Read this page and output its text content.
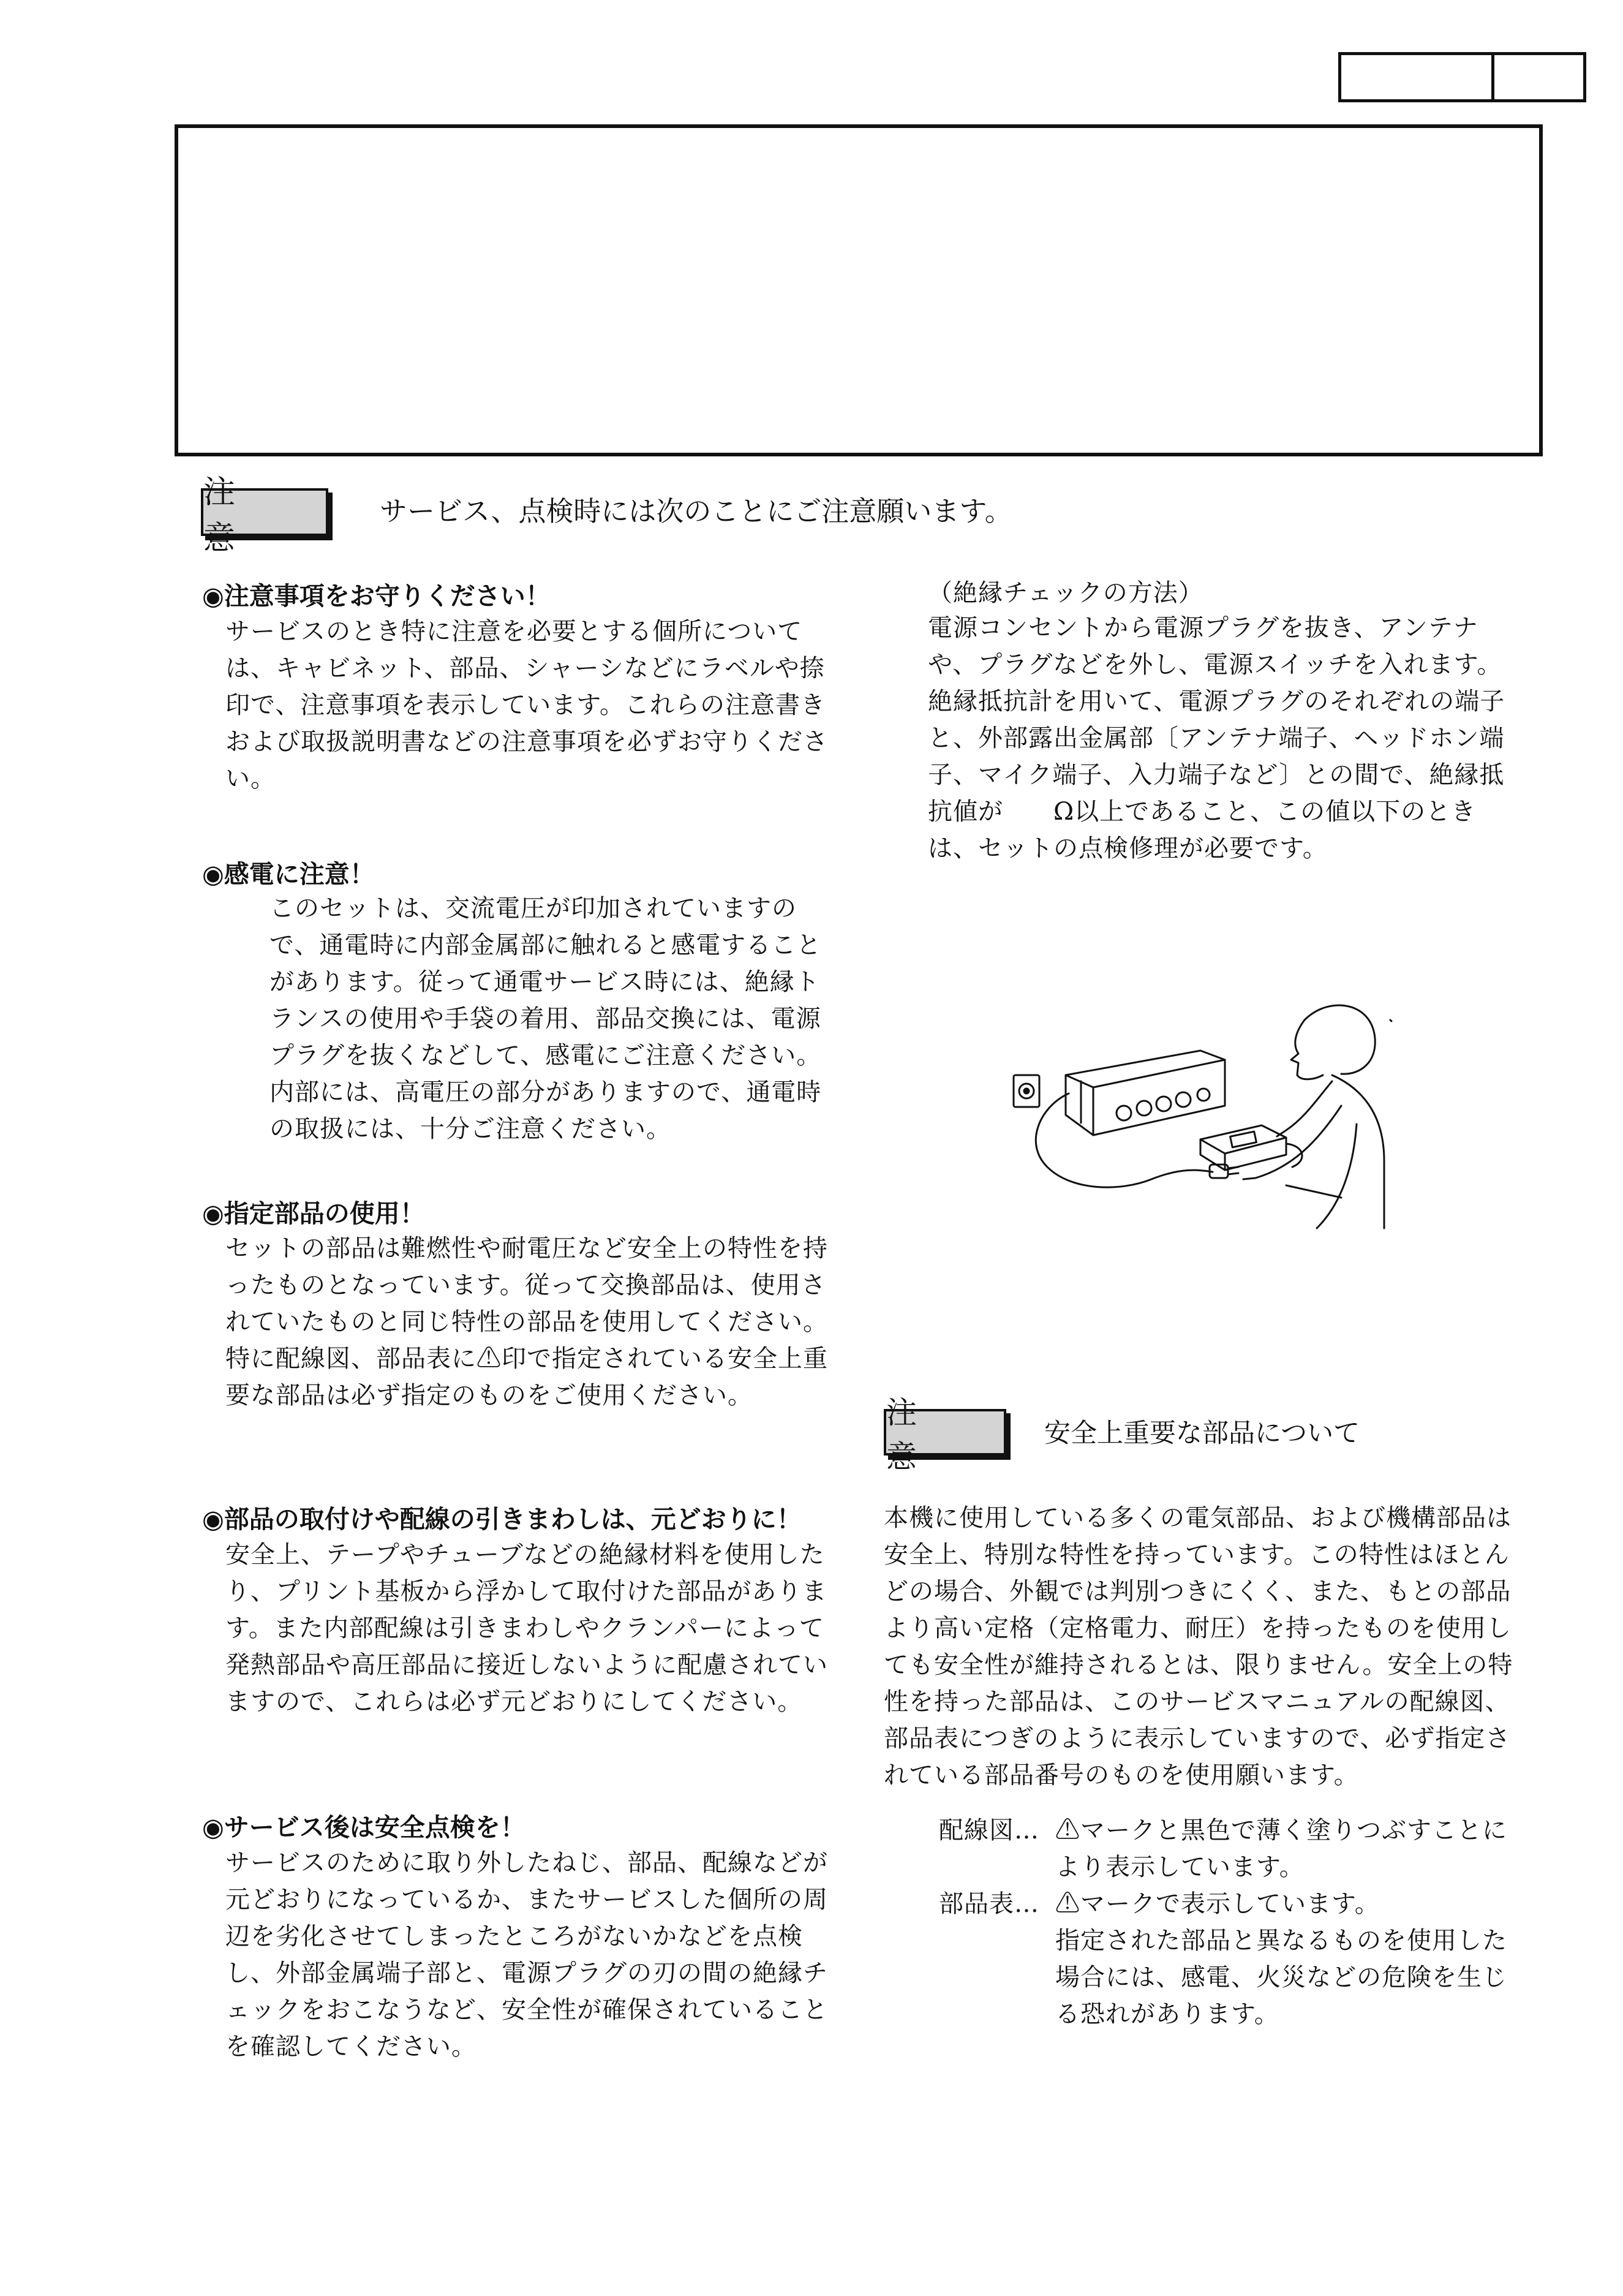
注　意
サービス、点検時には次のことにご注意願います。
◉注意事項をお守りください！

サービスのとき特に注意を必要とする個所については、キャビネット、部品、シャーシなどにラベルや捺印で、注意事項を表示しています。これらの注意書きおよび取扱説明書などの注意事項を必ずお守りください。

◉感電に注意！

このセットは、交流電圧が印加されていますので、通電時に内部金属部に触れると感電することがあります。従って通電サービス時には、絶縁トランスの使用や手袋の着用、部品交換には、電源プラグを抜くなどして、感電にご注意ください。

内部には、高電圧の部分がありますので、通電時の取扱には、十分ご注意ください。

◉指定部品の使用！

セットの部品は難燃性や耐電圧など安全上の特性を持ったものとなっています。従って交換部品は、使用されていたものと同じ特性の部品を使用してください。特に配線図、部品表に⚠印で指定されている安全上重要な部品は必ず指定のものをご使用ください。

◉部品の取付けや配線の引きまわしは、元どおりに！

安全上、テープやチューブなどの絶縁材料を使用したり、プリント基板から浮かして取付けた部品があります。また内部配線は引きまわしやクランパーによって発熱部品や高圧部品に接近しないように配慮されていますので、これらは必ず元どおりにしてください。

◉サービス後は安全点検を！

サービスのために取り外したねじ、部品、配線などが元どおりになっているか、またサービスした個所の周辺を劣化させてしまったところがないかなどを点検し、外部金属端子部と、電源プラグの刃の間の絶縁チェックをおこなうなど、安全性が確保されていることを確認してください。

（絶縁チェックの方法）

電源コンセントから電源プラグを抜き、アンテナや、プラグなどを外し、電源スイッチを入れます。　　　絶縁抵抗計を用いて、電源プラグのそれぞれの端子と、外部露出金属部〔アンテナ端子、ヘッドホン端子、マイク端子、入力端子など〕との間で、絶縁抵抗値が　　Ω以上であること、この値以下のときは、セットの点検修理が必要です。

注　意
安全上重要な部品について

本機に使用している多くの電気部品、および機構部品は安全上、特別な特性を持っています。この特性はほとんどの場合、外観では判別つきにくく、また、もとの部品より高い定格（定格電力、耐圧）を持ったものを使用しても安全性が維持されるとは、限りません。安全上の特性を持った部品は、このサービスマニュアルの配線図、部品表につぎのように表示していますので、必ず指定されている部品番号のものを使用願います。

配線図… ⚠マークと黒色で薄く塗りつぶすことにより表示しています。
部品表… ⚠マークで表示しています。
指定された部品と異なるものを使用した場合には、感電、火災などの危険を生じる恐れがあります。
